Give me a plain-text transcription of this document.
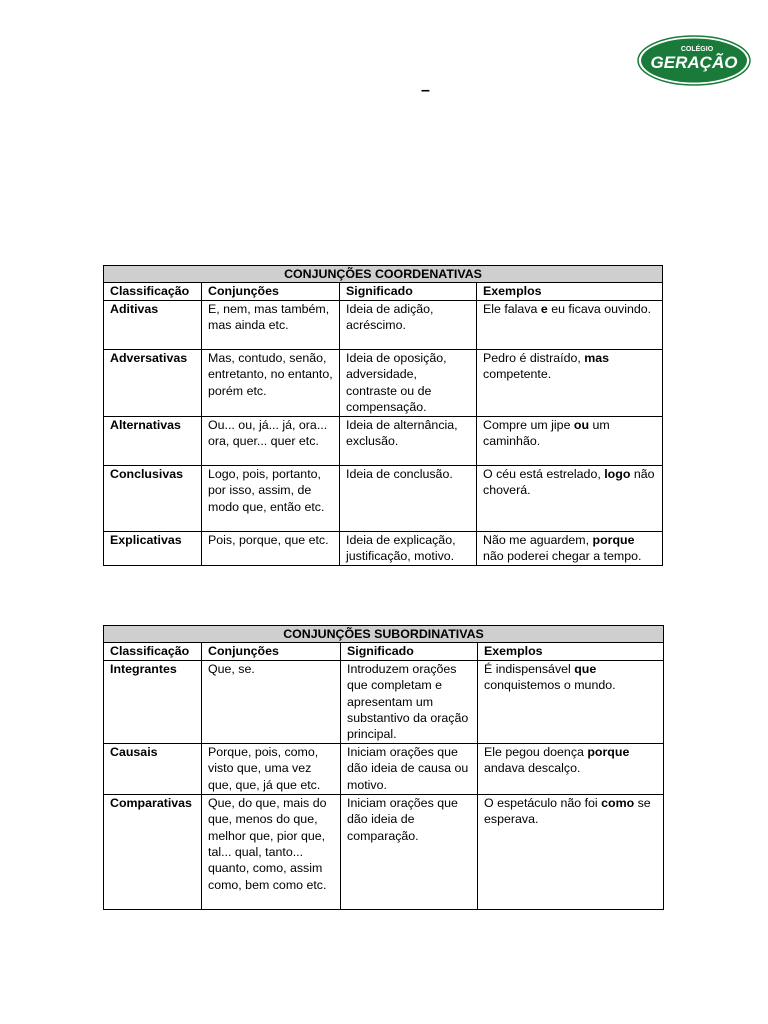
COLÉGIO
GERAÇÃO
–
CONJUNÇÕES COORDENATIVAS			
Classificação	Conjunções	Significado	Exemplos
Aditivas	E, nem, mas também, mas ainda etc.	Ideia de adição, acréscimo.	Ele falava e eu ficava ouvindo.
Adversativas	Mas, contudo, senão, entretanto, no entanto, porém etc.	Ideia de oposição, adversidade, contraste ou de compensação.	Pedro é distraído, mas competente.
Alternativas	Ou... ou, já... já, ora... ora, quer... quer etc.	Ideia de alternância, exclusão.	Compre um jipe ou um caminhão.
Conclusivas	Logo, pois, portanto, por isso, assim, de modo que, então etc.	Ideia de conclusão.	O céu está estrelado, logo não choverá.
Explicativas	Pois, porque, que etc.	Ideia de explicação, justificação, motivo.	Não me aguardem, porque não poderei chegar a tempo.
CONJUNÇÕES SUBORDINATIVAS			
Classificação	Conjunções	Significado	Exemplos
Integrantes	Que, se.	Introduzem orações que completam e apresentam um substantivo da oração principal.	É indispensável que conquistemos o mundo.
Causais	Porque, pois, como, visto que, uma vez que, que, já que etc.	Iniciam orações que dão ideia de causa ou motivo.	Ele pegou doença porque andava descalço.
Comparativas	Que, do que, mais do que, menos do que, melhor que, pior que, tal... qual, tanto... quanto, como, assim como, bem como etc.	Iniciam orações que dão ideia de comparação.	O espetáculo não foi como se esperava.
